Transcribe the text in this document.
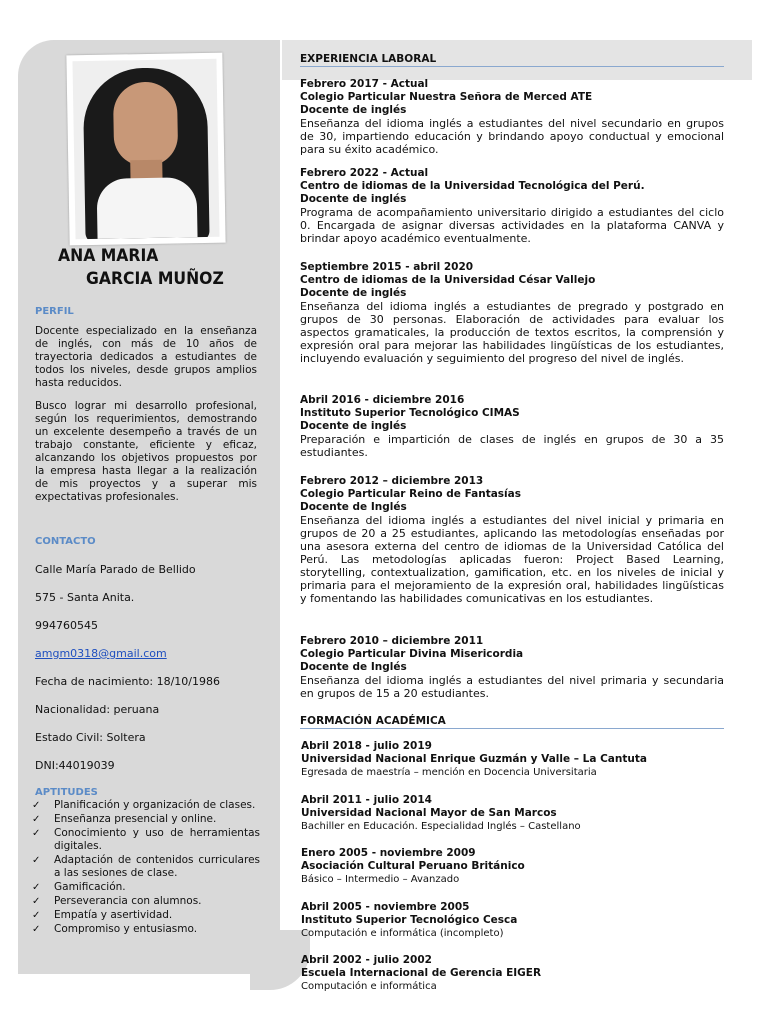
ANA MARIA
GARCIA MUÑOZ
PERFIL
Docente especializado en la enseñanza de inglés, con más de 10 años de trayectoria dedicados a estudiantes de todos los niveles, desde grupos amplios hasta reducidos.
Busco lograr mi desarrollo profesional, según los requerimientos, demostrando un excelente desempeño a través de un trabajo constante, eficiente y eficaz, alcanzando los objetivos propuestos por la empresa hasta llegar a la realización de mis proyectos y a superar mis expectativas profesionales.
CONTACTO
Calle María Parado de Bellido
575 - Santa Anita.
994760545
amgm0318@gmail.com
Fecha de nacimiento: 18/10/1986
Nacionalidad: peruana
Estado Civil: Soltera
DNI:44019039
APTITUDES
✓ Planificación y organización de clases.
✓ Enseñanza presencial y online.
✓ Conocimiento y uso de herramientas digitales.
✓ Adaptación de contenidos curriculares a las sesiones de clase.
✓ Gamificación.
✓ Perseverancia con alumnos.
✓ Empatía y asertividad.
✓ Compromiso y entusiasmo.
EXPERIENCIA LABORAL
Febrero 2017 - Actual
Colegio Particular Nuestra Señora de Merced ATE
Docente de inglés
Enseñanza del idioma inglés a estudiantes del nivel secundario en grupos de 30, impartiendo educación y brindando apoyo conductual y emocional para su éxito académico.
Febrero 2022 - Actual
Centro de idiomas de la Universidad Tecnológica del Perú.
Docente de inglés
Programa de acompañamiento universitario dirigido a estudiantes del ciclo 0. Encargada de asignar diversas actividades en la plataforma CANVA y brindar apoyo académico eventualmente.
Septiembre 2015 - abril 2020
Centro de idiomas de la Universidad César Vallejo
Docente de inglés
Enseñanza del idioma inglés a estudiantes de pregrado y postgrado en grupos de 30 personas. Elaboración de actividades para evaluar los aspectos gramaticales, la producción de textos escritos, la comprensión y expresión oral para mejorar las habilidades lingüísticas de los estudiantes, incluyendo evaluación y seguimiento del progreso del nivel de inglés.
Abril 2016 - diciembre 2016
Instituto Superior Tecnológico CIMAS
Docente de inglés
Preparación e impartición de clases de inglés en grupos de 30 a 35 estudiantes.
Febrero 2012 – diciembre 2013
Colegio Particular Reino de Fantasías
Docente de Inglés
Enseñanza del idioma inglés a estudiantes del nivel inicial y primaria en grupos de 20 a 25 estudiantes, aplicando las metodologías enseñadas por una asesora externa del centro de idiomas de la Universidad Católica del Perú. Las metodologías aplicadas fueron: Project Based Learning, storytelling, contextualization, gamification, etc. en los niveles de inicial y primaria para el mejoramiento de la expresión oral, habilidades lingüísticas y fomentando las habilidades comunicativas en los estudiantes.
Febrero 2010 – diciembre 2011
Colegio Particular Divina Misericordia
Docente de Inglés
Enseñanza del idioma inglés a estudiantes del nivel primaria y secundaria en grupos de 15 a 20 estudiantes.
FORMACIÓN ACADÉMICA
Abril 2018 - julio 2019
Universidad Nacional Enrique Guzmán y Valle – La Cantuta
Egresada de maestría – mención en Docencia Universitaria
Abril 2011 - julio 2014
Universidad Nacional Mayor de San Marcos
Bachiller en Educación. Especialidad Inglés – Castellano
Enero 2005 - noviembre 2009
Asociación Cultural Peruano Británico
Básico – Intermedio – Avanzado
Abril 2005 - noviembre 2005
Instituto Superior Tecnológico Cesca
Computación e informática (incompleto)
Abril 2002 - julio 2002
Escuela Internacional de Gerencia EIGER
Computación e informática
